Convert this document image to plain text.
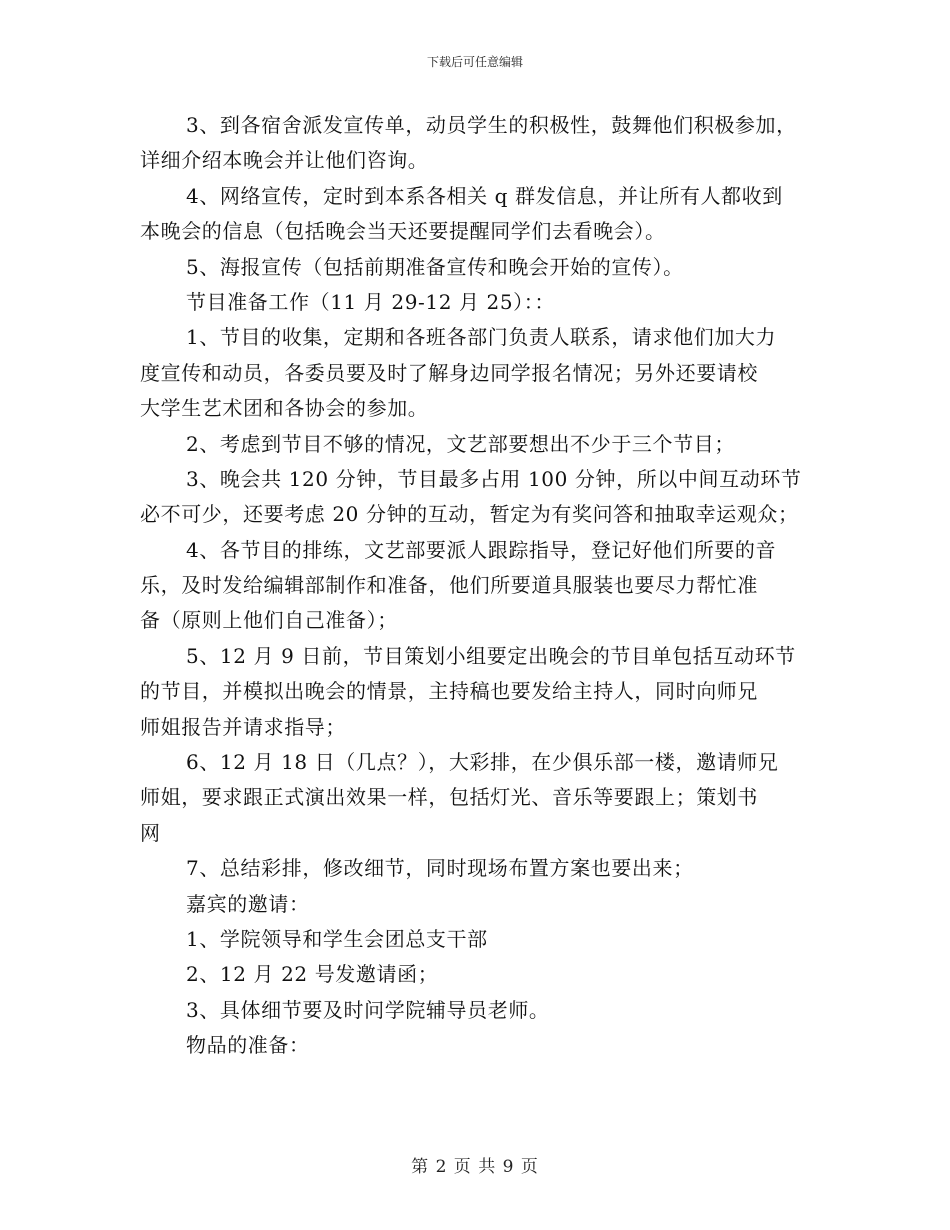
下载后可任意编辑
3、到各宿舍派发宣传单，动员学生的积极性，鼓舞他们积极参加，
详细介绍本晚会并让他们咨询。
4、网络宣传，定时到本系各相关 q 群发信息，并让所有人都收到
本晚会的信息（包括晚会当天还要提醒同学们去看晚会）。
5、海报宣传（包括前期准备宣传和晚会开始的宣传）。
节目准备工作（11 月 29-12 月 25）：：
1、节目的收集，定期和各班各部门负责人联系，请求他们加大力
度宣传和动员，各委员要及时了解身边同学报名情况；另外还要请校
大学生艺术团和各协会的参加。
2、考虑到节目不够的情况，文艺部要想出不少于三个节目；
3、晚会共 120 分钟，节目最多占用 100 分钟，所以中间互动环节
必不可少，还要考虑 20 分钟的互动，暂定为有奖问答和抽取幸运观众；
4、各节目的排练，文艺部要派人跟踪指导，登记好他们所要的音
乐，及时发给编辑部制作和准备，他们所要道具服装也要尽力帮忙准
备（原则上他们自己准备）；
5、12 月 9 日前，节目策划小组要定出晚会的节目单包括互动环节
的节目，并模拟出晚会的情景，主持稿也要发给主持人，同时向师兄
师姐报告并请求指导；
6、12 月 18 日（几点？），大彩排，在少俱乐部一楼，邀请师兄
师姐，要求跟正式演出效果一样，包括灯光、音乐等要跟上；策划书
网
7、总结彩排，修改细节，同时现场布置方案也要出来；
嘉宾的邀请：
1、学院领导和学生会团总支干部
2、12 月 22 号发邀请函；
3、具体细节要及时问学院辅导员老师。
物品的准备：
第 2 页 共 9 页
